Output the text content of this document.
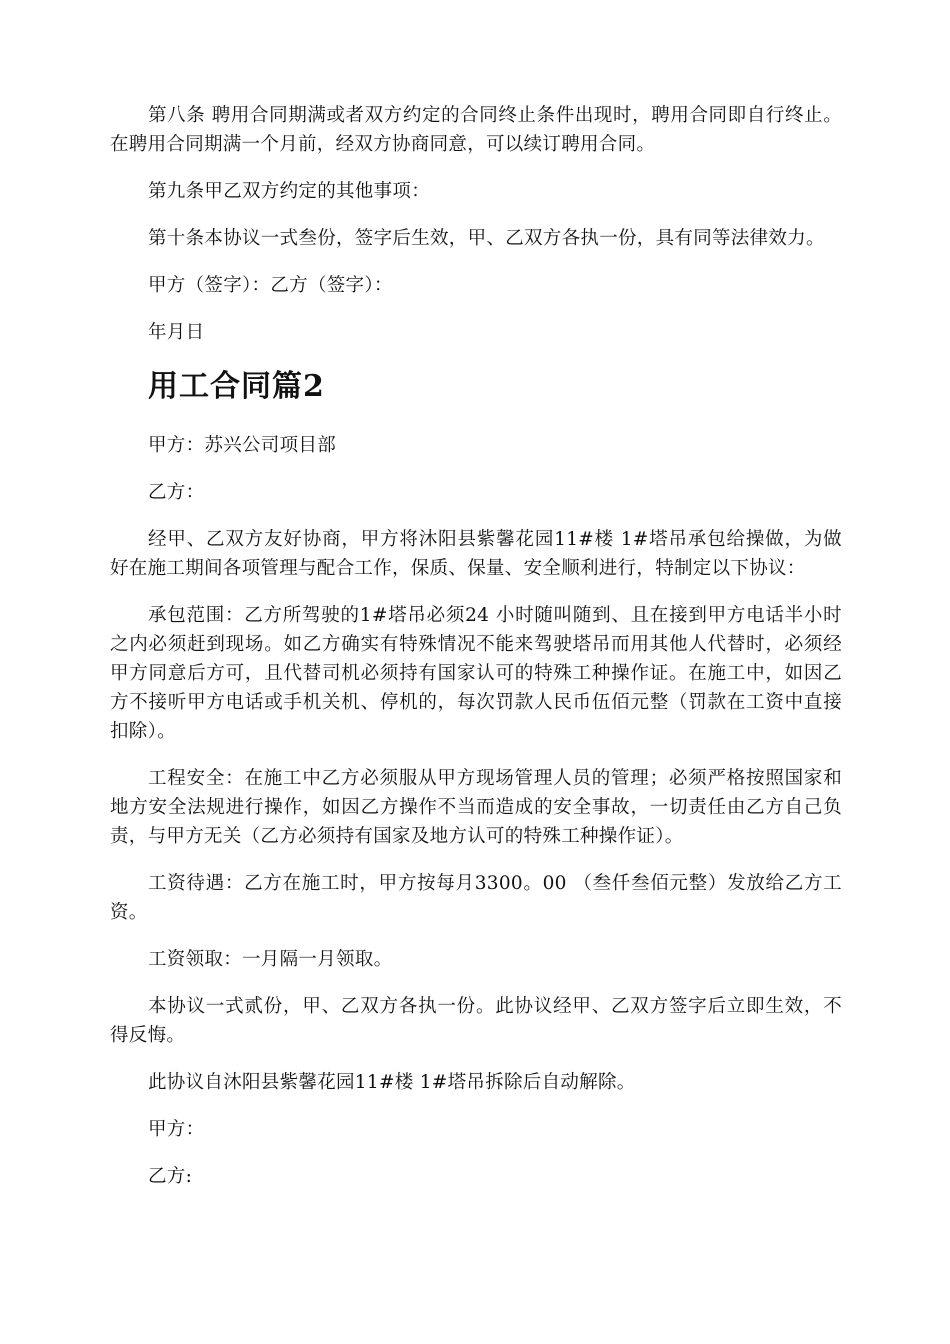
第八条 聘用合同期满或者双方约定的合同终止条件出现时，聘用合同即自行终止。在聘用合同期满一个月前，经双方协商同意，可以续订聘用合同。

第九条甲乙双方约定的其他事项：

第十条本协议一式叁份，签字后生效，甲、乙双方各执一份，具有同等法律效力。

甲方（签字）：乙方（签字）：

年月日

用工合同篇2

甲方：苏兴公司项目部

乙方：

经甲、乙双方友好协商，甲方将沐阳县紫馨花园11#楼 1#塔吊承包给操做，为做好在施工期间各项管理与配合工作，保质、保量、安全顺利进行，特制定以下协议：

承包范围：乙方所驾驶的1#塔吊必须24 小时随叫随到、且在接到甲方电话半小时之内必须赶到现场。如乙方确实有特殊情况不能来驾驶塔吊而用其他人代替时，必须经甲方同意后方可，且代替司机必须持有国家认可的特殊工种操作证。在施工中，如因乙方不接听甲方电话或手机关机、停机的，每次罚款人民币伍佰元整（罚款在工资中直接扣除）。

工程安全：在施工中乙方必须服从甲方现场管理人员的管理；必须严格按照国家和地方安全法规进行操作，如因乙方操作不当而造成的安全事故，一切责任由乙方自己负责，与甲方无关（乙方必须持有国家及地方认可的特殊工种操作证）。

工资待遇：乙方在施工时，甲方按每月3300。00 （叁仟叁佰元整）发放给乙方工资。

工资领取：一月隔一月领取。

本协议一式贰份，甲、乙双方各执一份。此协议经甲、乙双方签字后立即生效，不得反悔。

此协议自沐阳县紫馨花园11#楼 1#塔吊拆除后自动解除。

甲方：

乙方:
